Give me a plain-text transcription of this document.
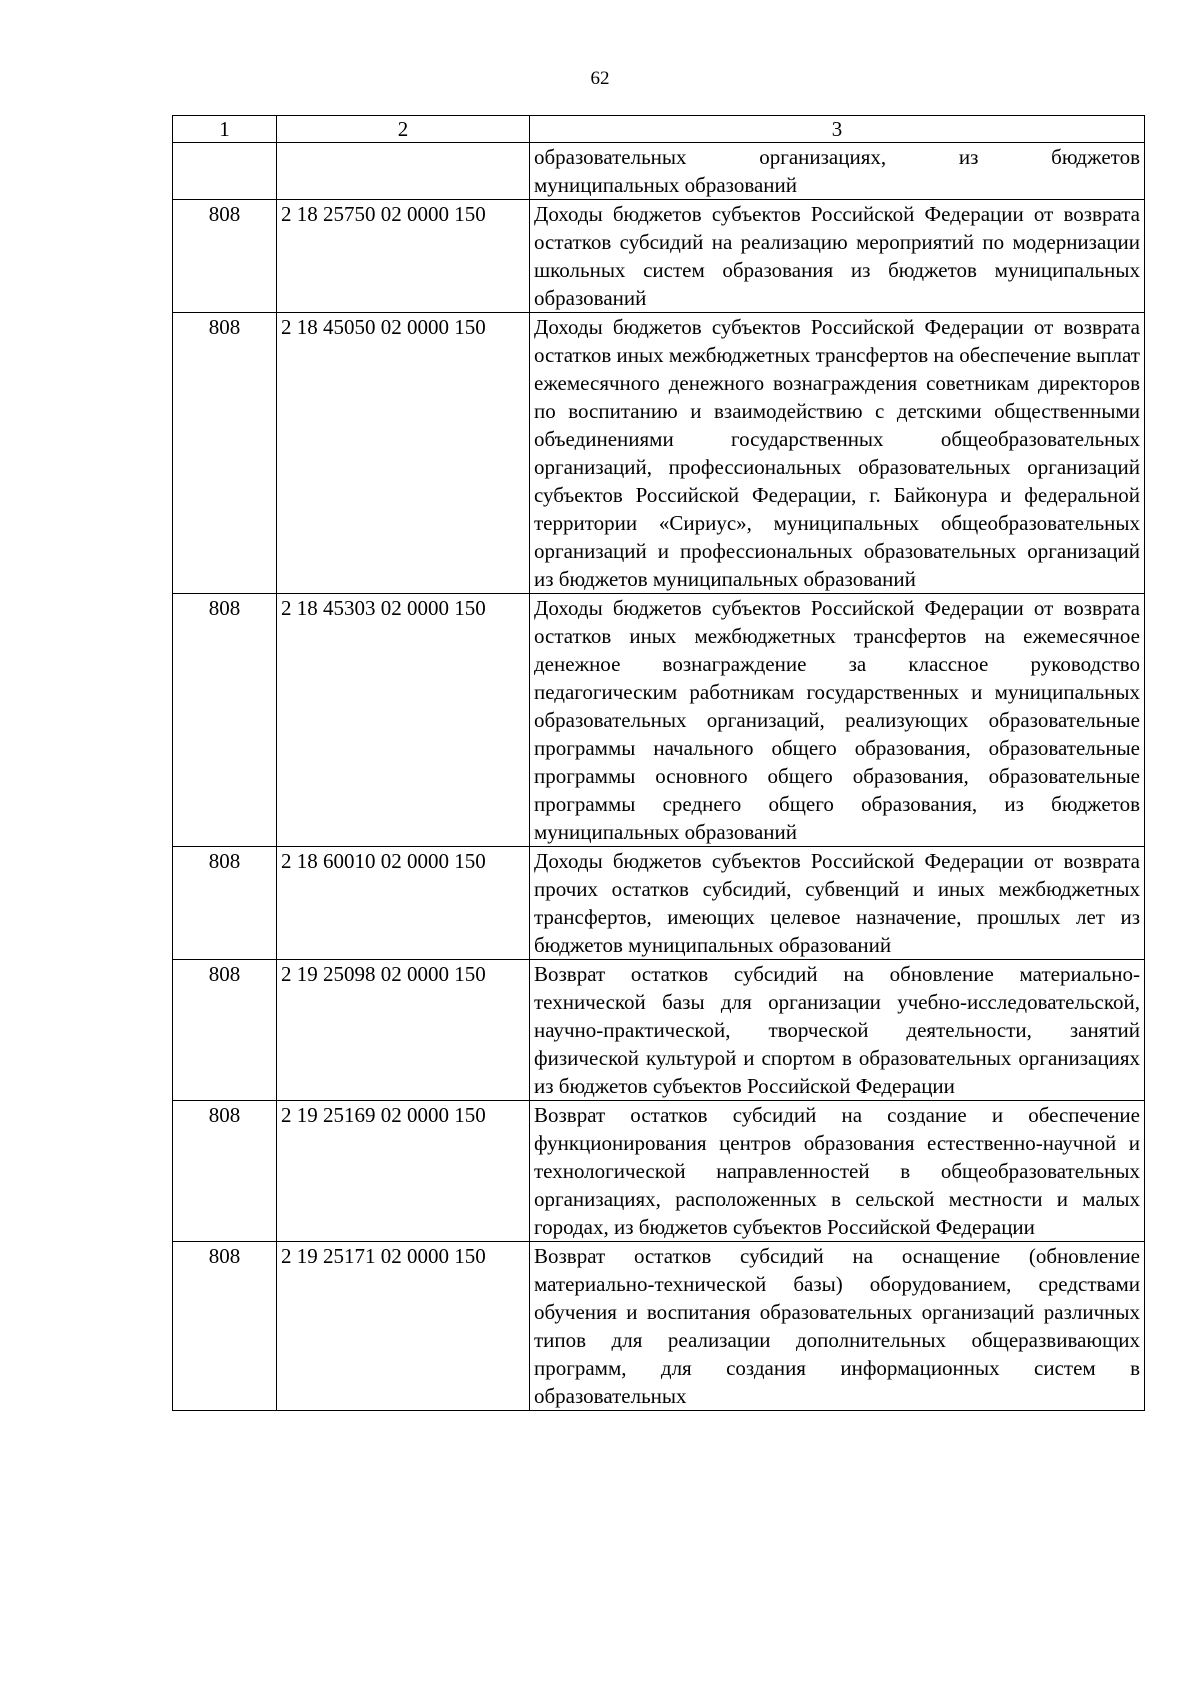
62
1	2	3

		образовательных организациях, из бюджетов
муниципальных образований

808	2 18 25750 02 0000 150	Доходы бюджетов субъектов Российской Федерации от возврата остатков субсидий на реализацию мероприятий по модернизации школьных систем образования из бюджетов муниципальных образований
808	2 18 45050 02 0000 150	Доходы бюджетов субъектов Российской Федерации от возврата остатков иных межбюджетных трансфертов на обеспечение выплат ежемесячного денежного вознаграждения советникам директоров по воспитанию и взаимодействию с детскими общественными объединениями государственных общеобразовательных организаций, профессиональных образовательных организаций субъектов Российской Федерации, г. Байконура и федеральной территории «Сириус», муниципальных общеобразовательных организаций и профессиональных образовательных организаций из бюджетов муниципальных образований
808	2 18 45303 02 0000 150	Доходы бюджетов субъектов Российской Федерации от возврата остатков иных межбюджетных трансфертов на ежемесячное денежное вознаграждение за классное руководство педагогическим работникам государственных и муниципальных образовательных организаций, реализующих образовательные программы начального общего образования, образовательные программы основного общего образования, образовательные программы среднего общего образования, из бюджетов муниципальных образований
808	2 18 60010 02 0000 150	Доходы бюджетов субъектов Российской Федерации от возврата прочих остатков субсидий, субвенций и иных межбюджетных трансфертов, имеющих целевое назначение, прошлых лет из бюджетов муниципальных образований
808	2 19 25098 02 0000 150	Возврат остатков субсидий на обновление материально-технической базы для организации учебно-исследовательской, научно-практической, творческой деятельности, занятий физической культурой и спортом в образовательных организациях из бюджетов субъектов Российской Федерации
808	2 19 25169 02 0000 150	Возврат остатков субсидий на создание и обеспечение функционирования центров образования естественно-научной и технологической направленностей в общеобразовательных организациях, расположенных в сельской местности и малых городах, из бюджетов субъектов Российской Федерации
808	2 19 25171 02 0000 150	Возврат остатков субсидий на оснащение (обновление материально-технической базы) оборудованием, средствами обучения и воспитания образовательных организаций различных типов для реализации дополнительных общеразвивающих программ, для создания информационных систем в образовательных
